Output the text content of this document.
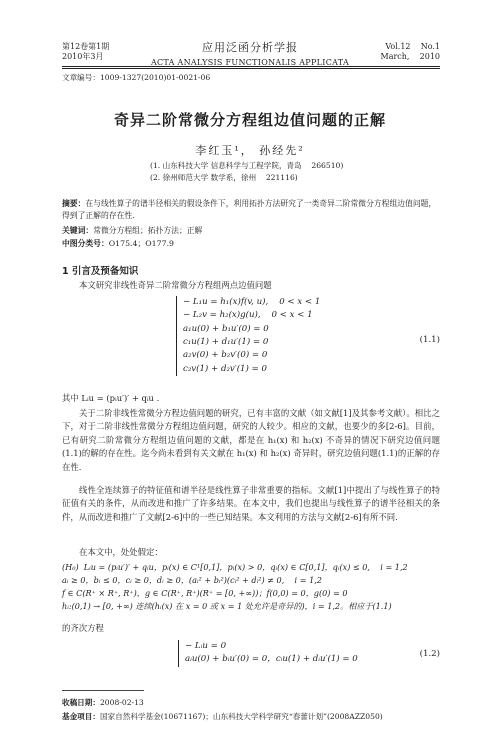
第12卷第1期
2010年3月
应用泛函分析学报
ACTA ANALYSIS FUNCTIONALIS APPLICATA
Vol.12    No.1
March,    2010
文章编号：1009-1327(2010)01-0021-06
奇异二阶常微分方程组边值问题的正解
李红玉¹， 孙经先²
(1. 山东科技大学 信息科学与工程学院，青岛    266510)
(2. 徐州师范大学 数学系，徐州    221116)
摘要：在与线性算子的谱半径相关的假设条件下，利用拓扑方法研究了一类奇异二阶常微分方程组边值问题，得到了正解的存在性.
关键词：常微分方程组；拓扑方法；正解
中图分类号：O175.4；O177.9
1 引言及预备知识
本文研究非线性奇异二阶常微分方程组两点边值问题
− L₁u = h₁(x)f(v, u),    0 < x < 1
− L₂v = h₂(x)g(u),    0 < x < 1
a₁u(0) + b₁u′(0) = 0
c₁u(1) + d₁u′(1) = 0
a₂v(0) + b₂v′(0) = 0
c₂v(1) + d₂v′(1) = 0
(1.1)
其中 Lᵢu = (pᵢu′)′ + qᵢu .
关于二阶非线性常微分方程边值问题的研究，已有丰富的文献（如文献[1]及其参考文献）。相比之下，对于二阶非线性常微分方程组边值问题，研究的人较少。相应的文献，也要少的多[2-6]。目前，已有研究二阶常微分方程组边值问题的文献，都是在 h₁(x) 和 h₂(x) 不奇异的情况下研究边值问题(1.1)的解的存在性。迄今尚未看到有关文献在 h₁(x) 和 h₂(x) 奇异时，研究边值问题(1.1)的正解的存在性.
线性全连续算子的特征值和谱半径是线性算子非常重要的指标。文献[1]中提出了与线性算子的特征值有关的条件，从而改进和推广了许多结果。在本文中，我们也提出与线性算子的谱半径相关的条件，从而改进和推广了文献[2-6]中的一些已知结果。本文利用的方法与文献[2-6]有所不同.
在本文中，处处假定：
(H₀)  Lᵢu = (pᵢu′)′ + qᵢu，pᵢ(x) ∈ C¹[0,1]，pᵢ(x) > 0，qᵢ(x) ∈ C[0,1]，qᵢ(x) ≤ 0,    i = 1,2
aᵢ ≥ 0，bᵢ ≤ 0，cᵢ ≥ 0，dᵢ ≥ 0，(aᵢ² + bᵢ²)(cᵢ² + dᵢ²) ≠ 0,    i = 1,2
f ∈ C(R⁺ × R⁺, R⁺)，g ∈ C(R⁺, R⁺)(R⁺ = [0, +∞))；f(0,0) = 0，g(0) = 0
hᵢ:(0,1) → [0, +∞) 连续(hᵢ(x) 在 x = 0 或 x = 1 处允许是奇异的)，i = 1,2。相应于(1.1)
的齐次方程
− Lᵢu = 0
aᵢu(0) + bᵢu′(0) = 0，cᵢu(1) + dᵢu′(1) = 0
(1.2)
收稿日期：2008-02-13
基金项目：国家自然科学基金(10671167)；山东科技大学科学研究“春蕾计划”(2008AZZ050)
